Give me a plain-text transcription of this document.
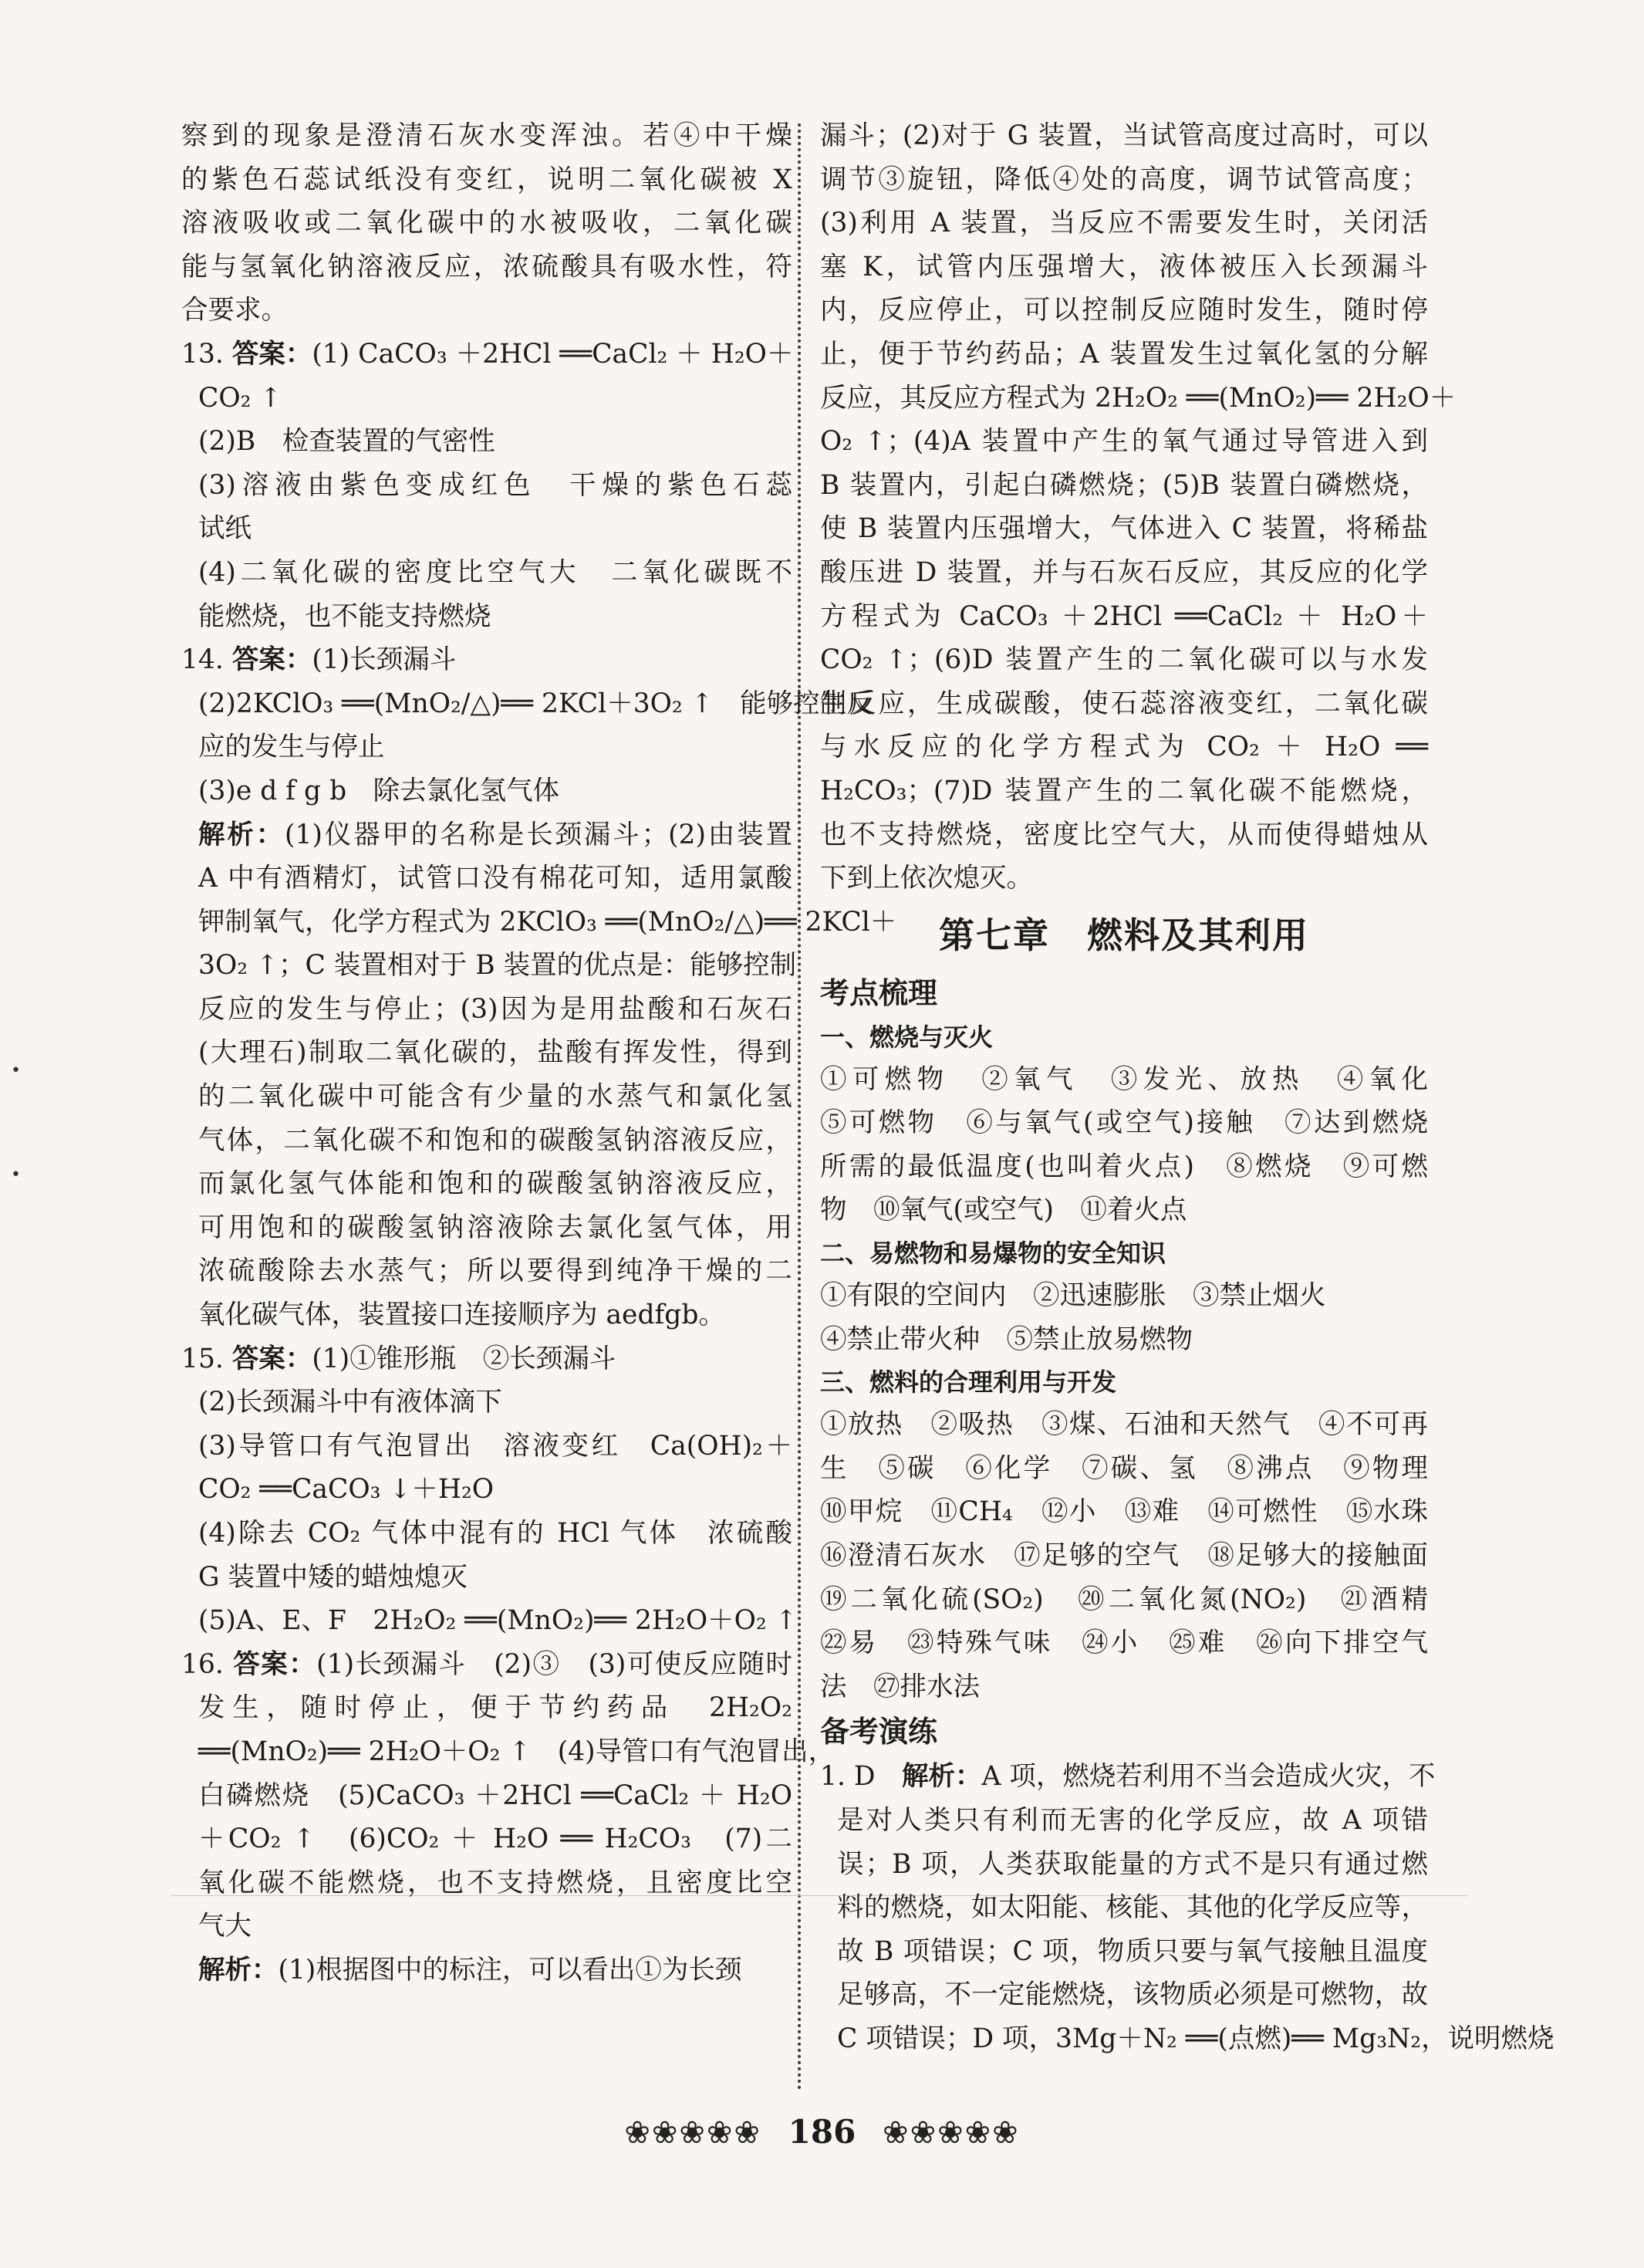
•
•
察到的现象是澄清石灰水变浑浊。若④中干燥
的紫色石蕊试纸没有变红，说明二氧化碳被 X
溶液吸收或二氧化碳中的水被吸收，二氧化碳
能与氢氧化钠溶液反应，浓硫酸具有吸水性，符
合要求。
13. 答案：(1) CaCO₃ ＋2HCl ══CaCl₂ ＋ H₂O＋
CO₂ ↑
(2)B　检查装置的气密性
(3)溶液由紫色变成红色　干燥的紫色石蕊
试纸
(4)二氧化碳的密度比空气大　二氧化碳既不
能燃烧，也不能支持燃烧
14. 答案：(1)长颈漏斗
(2)2KClO₃ ══(MnO₂/△)══ 2KCl＋3O₂ ↑　能够控制反
应的发生与停止
(3)e d f g b　除去氯化氢气体
解析：(1)仪器甲的名称是长颈漏斗；(2)由装置
A 中有酒精灯，试管口没有棉花可知，适用氯酸
钾制氧气，化学方程式为 2KClO₃ ══(MnO₂/△)══ 2KCl＋
3O₂ ↑；C 装置相对于 B 装置的优点是：能够控制
反应的发生与停止；(3)因为是用盐酸和石灰石
(大理石)制取二氧化碳的，盐酸有挥发性，得到
的二氧化碳中可能含有少量的水蒸气和氯化氢
气体，二氧化碳不和饱和的碳酸氢钠溶液反应，
而氯化氢气体能和饱和的碳酸氢钠溶液反应，
可用饱和的碳酸氢钠溶液除去氯化氢气体，用
浓硫酸除去水蒸气；所以要得到纯净干燥的二
氧化碳气体，装置接口连接顺序为 aedfgb。
15. 答案：(1)①锥形瓶　②长颈漏斗
(2)长颈漏斗中有液体滴下
(3)导管口有气泡冒出　溶液变红　Ca(OH)₂＋
CO₂ ══CaCO₃ ↓＋H₂O
(4)除去 CO₂ 气体中混有的 HCl 气体　浓硫酸
G 装置中矮的蜡烛熄灭
(5)A、E、F　2H₂O₂ ══(MnO₂)══ 2H₂O＋O₂ ↑
16. 答案：(1)长颈漏斗　(2)③　(3)可使反应随时
发生，随时停止，便于节约药品　2H₂O₂
══(MnO₂)══ 2H₂O＋O₂ ↑　(4)导管口有气泡冒出，
白磷燃烧　(5)CaCO₃ ＋2HCl ══CaCl₂ ＋ H₂O
＋CO₂ ↑　(6)CO₂ ＋ H₂O ══ H₂CO₃　(7)二
氧化碳不能燃烧，也不支持燃烧，且密度比空
气大
解析：(1)根据图中的标注，可以看出①为长颈
漏斗；(2)对于 G 装置，当试管高度过高时，可以
调节③旋钮，降低④处的高度，调节试管高度；
(3)利用 A 装置，当反应不需要发生时，关闭活
塞 K，试管内压强增大，液体被压入长颈漏斗
内，反应停止，可以控制反应随时发生，随时停
止，便于节约药品；A 装置发生过氧化氢的分解
反应，其反应方程式为 2H₂O₂ ══(MnO₂)══ 2H₂O＋
O₂ ↑；(4)A 装置中产生的氧气通过导管进入到
B 装置内，引起白磷燃烧；(5)B 装置白磷燃烧，
使 B 装置内压强增大，气体进入 C 装置，将稀盐
酸压进 D 装置，并与石灰石反应，其反应的化学
方程式为 CaCO₃ ＋2HCl ══CaCl₂ ＋ H₂O＋
CO₂ ↑；(6)D 装置产生的二氧化碳可以与水发
生反应，生成碳酸，使石蕊溶液变红，二氧化碳
与水反应的化学方程式为 CO₂ ＋ H₂O ══
H₂CO₃；(7)D 装置产生的二氧化碳不能燃烧，
也不支持燃烧，密度比空气大，从而使得蜡烛从
下到上依次熄灭。
第七章　燃料及其利用
考点梳理
一、燃烧与灭火
①可燃物　②氧气　③发光、放热　④氧化
⑤可燃物　⑥与氧气(或空气)接触　⑦达到燃烧
所需的最低温度(也叫着火点)　⑧燃烧　⑨可燃
物　⑩氧气(或空气)　⑪着火点
二、易燃物和易爆物的安全知识
①有限的空间内　②迅速膨胀　③禁止烟火
④禁止带火种　⑤禁止放易燃物
三、燃料的合理利用与开发
①放热　②吸热　③煤、石油和天然气　④不可再
生　⑤碳　⑥化学　⑦碳、氢　⑧沸点　⑨物理
⑩甲烷　⑪CH₄　⑫小　⑬难　⑭可燃性　⑮水珠
⑯澄清石灰水　⑰足够的空气　⑱足够大的接触面
⑲二氧化硫(SO₂)　⑳二氧化氮(NO₂)　㉑酒精
㉒易　㉓特殊气味　㉔小　㉕难　㉖向下排空气
法　㉗排水法
备考演练
1. D　解析：A 项，燃烧若利用不当会造成火灾，不
是对人类只有利而无害的化学反应，故 A 项错
误；B 项，人类获取能量的方式不是只有通过燃
料的燃烧，如太阳能、核能、其他的化学反应等，
故 B 项错误；C 项，物质只要与氧气接触且温度
足够高，不一定能燃烧，该物质必须是可燃物，故
C 项错误；D 项，3Mg＋N₂ ══(点燃)══ Mg₃N₂，说明燃烧
❀❀❀❀❀ 186 ❀❀❀❀❀
